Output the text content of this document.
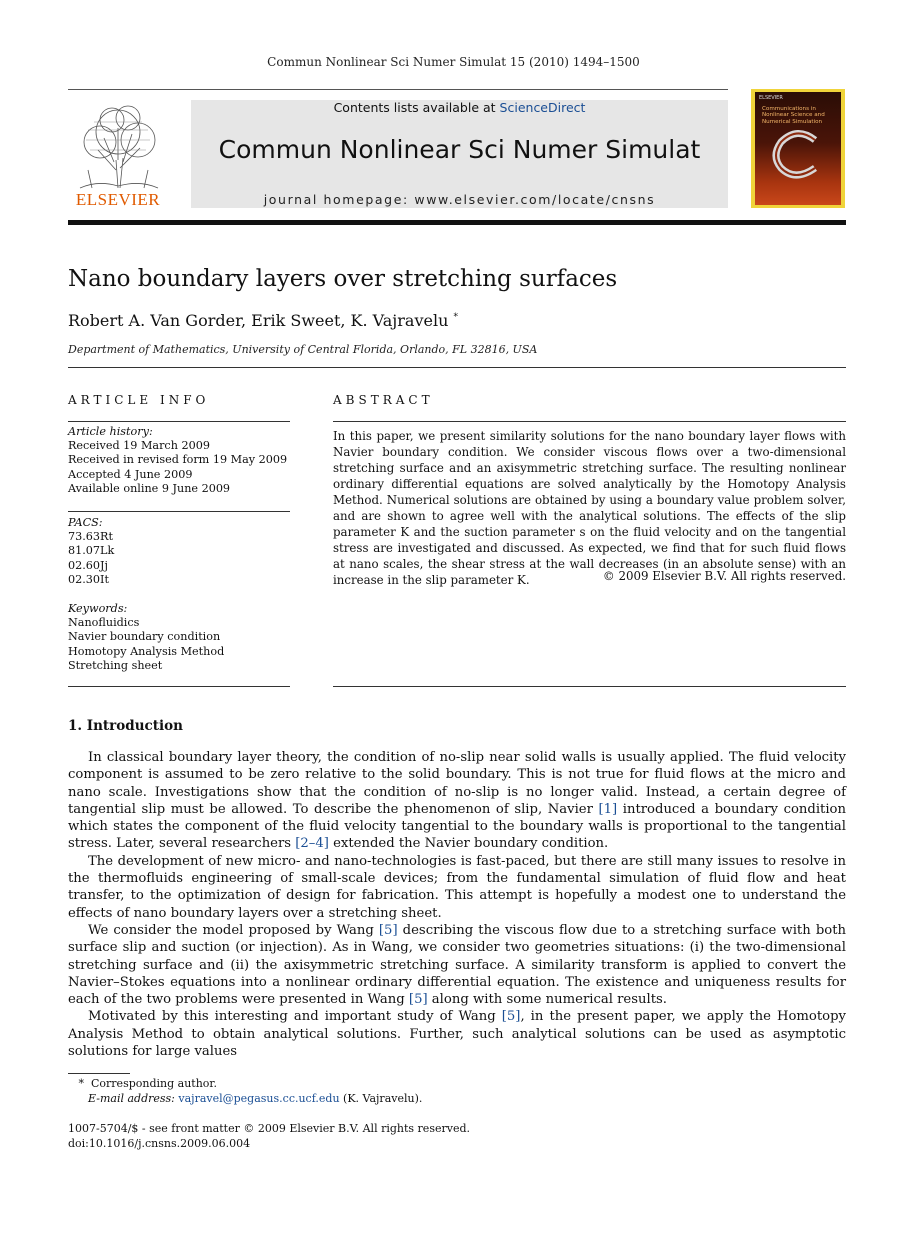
Commun Nonlinear Sci Numer Simulat 15 (2010) 1494–1500
ELSEVIER
Contents lists available at ScienceDirect
Commun Nonlinear Sci Numer Simulat
journal homepage: www.elsevier.com/locate/cnsns
ELSEVIER
Communications in
Nonlinear Science and
Numerical Simulation
Nano boundary layers over stretching surfaces
Robert A. Van Gorder, Erik Sweet, K. Vajravelu *
Department of Mathematics, University of Central Florida, Orlando, FL 32816, USA
ARTICLE INFO
Article history:
Received 19 March 2009
Received in revised form 19 May 2009
Accepted 4 June 2009
Available online 9 June 2009
PACS:
73.63Rt
81.07Lk
02.60Jj
02.30It
Keywords:
Nanofluidics
Navier boundary condition
Homotopy Analysis Method
Stretching sheet
ABSTRACT
In this paper, we present similarity solutions for the nano boundary layer flows with Navier boundary condition. We consider viscous flows over a two-dimensional stretching surface and an axisymmetric stretching surface. The resulting nonlinear ordinary differential equations are solved analytically by the Homotopy Analysis Method. Numerical solutions are obtained by using a boundary value problem solver, and are shown to agree well with the analytical solutions. The effects of the slip parameter K and the suction parameter s on the fluid velocity and on the tangential stress are investigated and discussed. As expected, we find that for such fluid flows at nano scales, the shear stress at the wall decreases (in an absolute sense) with an increase in the slip parameter K.	© 2009 Elsevier B.V. All rights reserved.
1. Introduction

In classical boundary layer theory, the condition of no-slip near solid walls is usually applied. The fluid velocity component is assumed to be zero relative to the solid boundary. This is not true for fluid flows at the micro and nano scale. Investigations show that the condition of no-slip is no longer valid. Instead, a certain degree of tangential slip must be allowed. To describe the phenomenon of slip, Navier [1] introduced a boundary condition which states the component of the fluid velocity tangential to the boundary walls is proportional to the tangential stress. Later, several researchers [2–4] extended the Navier boundary condition.

The development of new micro- and nano-technologies is fast-paced, but there are still many issues to resolve in the thermofluids engineering of small-scale devices; from the fundamental simulation of fluid flow and heat transfer, to the optimization of design for fabrication. This attempt is hopefully a modest one to understand the effects of nano boundary layers over a stretching sheet.

We consider the model proposed by Wang [5] describing the viscous flow due to a stretching surface with both surface slip and suction (or injection). As in Wang, we consider two geometries situations: (i) the two-dimensional stretching surface and (ii) the axisymmetric stretching surface. A similarity transform is applied to convert the Navier–Stokes equations into a nonlinear ordinary differential equation. The existence and uniqueness results for each of the two problems were presented in Wang [5] along with some numerical results.

Motivated by this interesting and important study of Wang [5], in the present paper, we apply the Homotopy Analysis Method to obtain analytical solutions. Further, such analytical solutions can be used as asymptotic solutions for large values

* Corresponding author.
E-mail address: vajravel@pegasus.cc.ucf.edu (K. Vajravelu).
1007-5704/$ - see front matter © 2009 Elsevier B.V. All rights reserved.
doi:10.1016/j.cnsns.2009.06.004
